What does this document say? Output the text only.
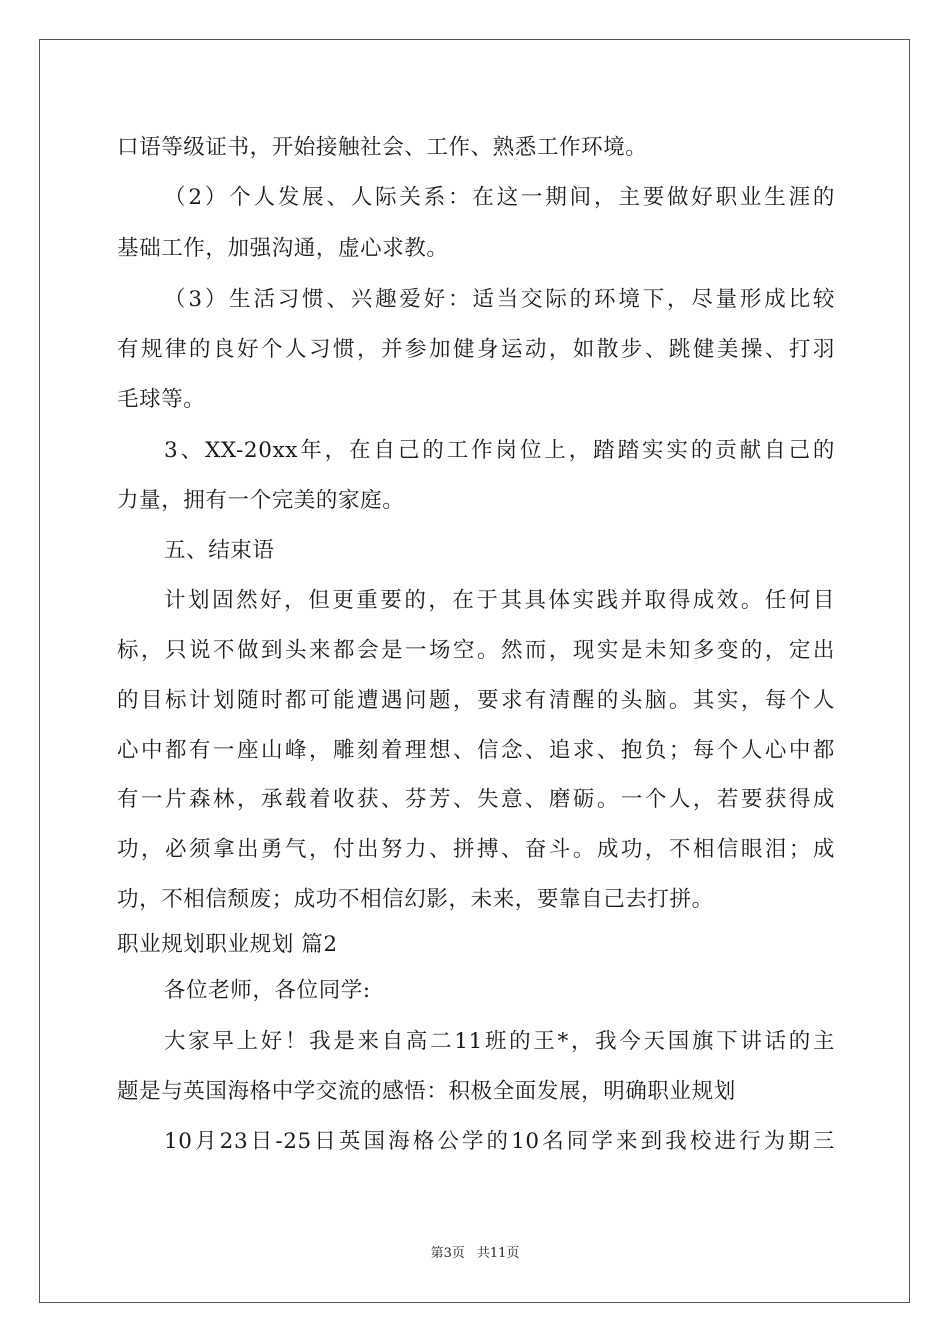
口语等级证书，开始接触社会、工作、熟悉工作环境。
（2）个人发展、人际关系：在这一期间，主要做好职业生涯的
基础工作，加强沟通，虚心求教。
（3）生活习惯、兴趣爱好：适当交际的环境下，尽量形成比较
有规律的良好个人习惯，并参加健身运动，如散步、跳健美操、打羽
毛球等。
3、XX-20xx年，在自己的工作岗位上，踏踏实实的贡献自己的
力量，拥有一个完美的家庭。
五、结束语
计划固然好，但更重要的，在于其具体实践并取得成效。任何目
标，只说不做到头来都会是一场空。然而，现实是未知多变的，定出
的目标计划随时都可能遭遇问题，要求有清醒的头脑。其实，每个人
心中都有一座山峰，雕刻着理想、信念、追求、抱负；每个人心中都
有一片森林，承载着收获、芬芳、失意、磨砺。一个人，若要获得成
功，必须拿出勇气，付出努力、拼搏、奋斗。成功，不相信眼泪；成
功，不相信颓废；成功不相信幻影，未来，要靠自己去打拼。
职业规划职业规划 篇2
各位老师，各位同学:
大家早上好！我是来自高二11班的王*，我今天国旗下讲话的主
题是与英国海格中学交流的感悟：积极全面发展，明确职业规划
10月23日-25日英国海格公学的10名同学来到我校进行为期三
第3页 共11页
